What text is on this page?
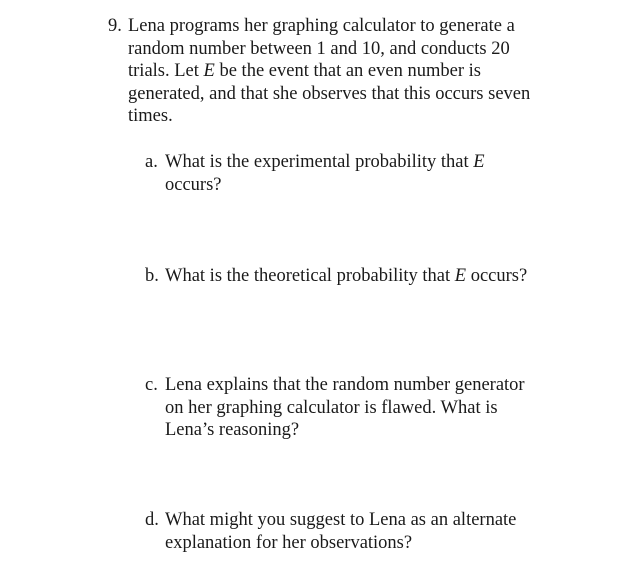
9. Lena programs her graphing calculator to generate a
random number between 1 and 10, and conducts 20
trials. Let E be the event that an even number is
generated, and that she observes that this occurs seven
times.
a. What is the experimental probability that E
occurs?
b. What is the theoretical probability that E occurs?
c. Lena explains that the random number generator
on her graphing calculator is flawed. What is
Lena’s reasoning?
d. What might you suggest to Lena as an alternate
explanation for her observations?
